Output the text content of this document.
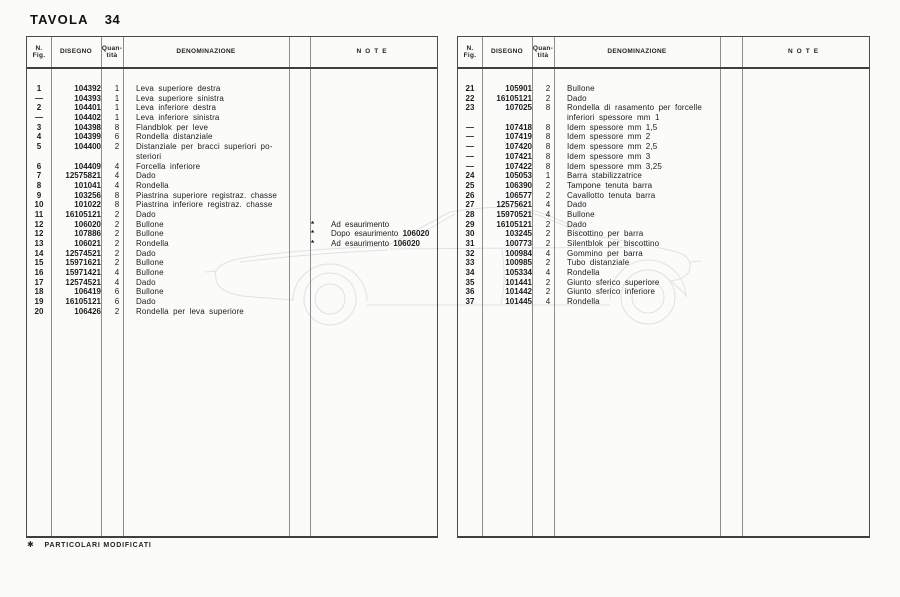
TAVOLA 34
N.
Fig.
DISEGNO
Quan-
tità
DENOMINAZIONE	NOTE
1	104392	1	Leva superiore destra
—	104393	1	Leva superiore sinistra
2	104401	1	Leva inferiore destra
—	104402	1	Leva inferiore sinistra
3	104398	8	Flandblok per leve
4	104399	6	Rondella distanziale
5	104400	2	Distanziale per bracci superiori po-
steriori
6	104409	4	Forcella inferiore
7	12575821	4	Dado
8	101041	4	Rondella
9	103256	8	Piastrina superiore registraz. chasse
10	101022	8	Piastrina inferiore registraz. chasse
11	16105121	2	Dado
12	106020	2	Bullone	*	Ad esaurimento
12	107886	2	Bullone	*	Dopo esaurimento 106020
13	106021	2	Rondella	*	Ad esaurimento 106020
14	12574521	2	Dado
15	15971621	2	Bullone
16	15971421	4	Bullone
17	12574521	4	Dado
18	106419	6	Bullone
19	16105121	6	Dado
20	106426	2	Rondella per leva superiore
N.
Fig.
DISEGNO
Quan-
tità
DENOMINAZIONE	NOTE
21	105901	2	Bullone
22	16105121	2	Dado
23	107025	8	Rondella di rasamento per forcelle
inferiori spessore mm 1
—	107418	8	Idem spessore mm 1,5
—	107419	8	Idem spessore mm 2
—	107420	8	Idem spessore mm 2,5
—	107421	8	Idem spessore mm 3
—	107422	8	Idem spessore mm 3,25
24	105053	1	Barra stabilizzatrice
25	106390	2	Tampone tenuta barra
26	106577	2	Cavallotto tenuta barra
27	12575621	4	Dado
28	15970521	4	Bullone
29	16105121	2	Dado
30	103245	2	Biscottino per barra
31	100773	2	Silentblok per biscottino
32	100984	4	Gommino per barra
33	100985	2	Tubo distanziale
34	105334	4	Rondella
35	101441	2	Giunto sferico superiore
36	101442	2	Giunto sferico inferiore
37	101445	4	Rondella
✱ PARTICOLARI MODIFICATI
